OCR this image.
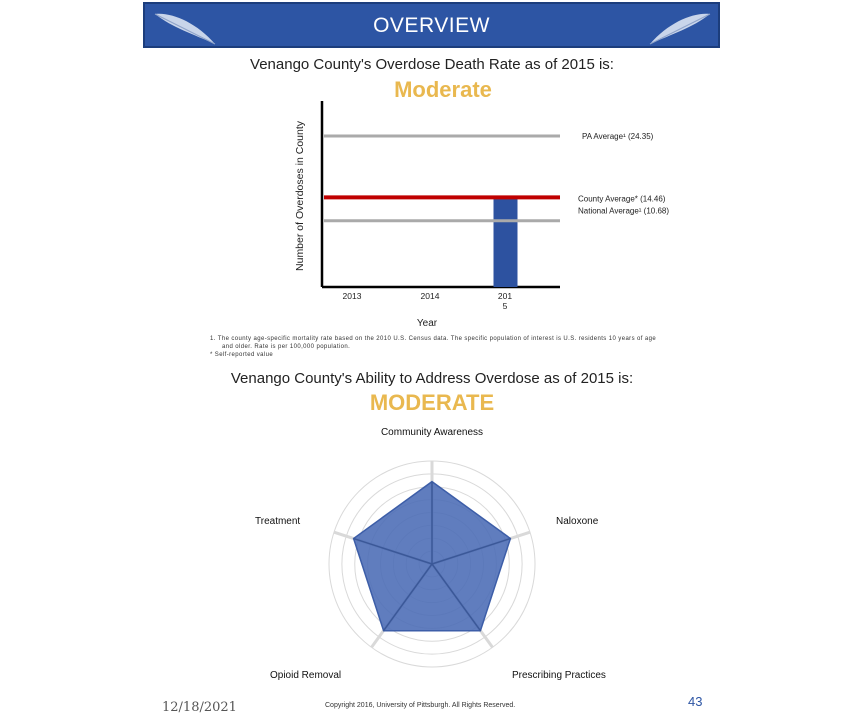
OVERVIEW
Venango County's Overdose Death Rate as of 2015 is:
Moderate
Number of Overdoses in County	PA Average¹ (24.35)
County Average* (14.46)
National Average¹ (10.68)
2013	2014	201
5
Year
1. The county age-specific mortality rate based on the 2010 U.S. Census data. The specific population of interest is U.S. residents 10 years of age
and older. Rate is per 100,000 population.
* Self-reported value
Venango County's Ability to Address Overdose as of 2015 is:
MODERATE
Community Awareness
Naloxone
Prescribing Practices
Opioid Removal
Treatment
12/18/2021	Copyright 2016, University of Pittsburgh. All Rights Reserved.	43
